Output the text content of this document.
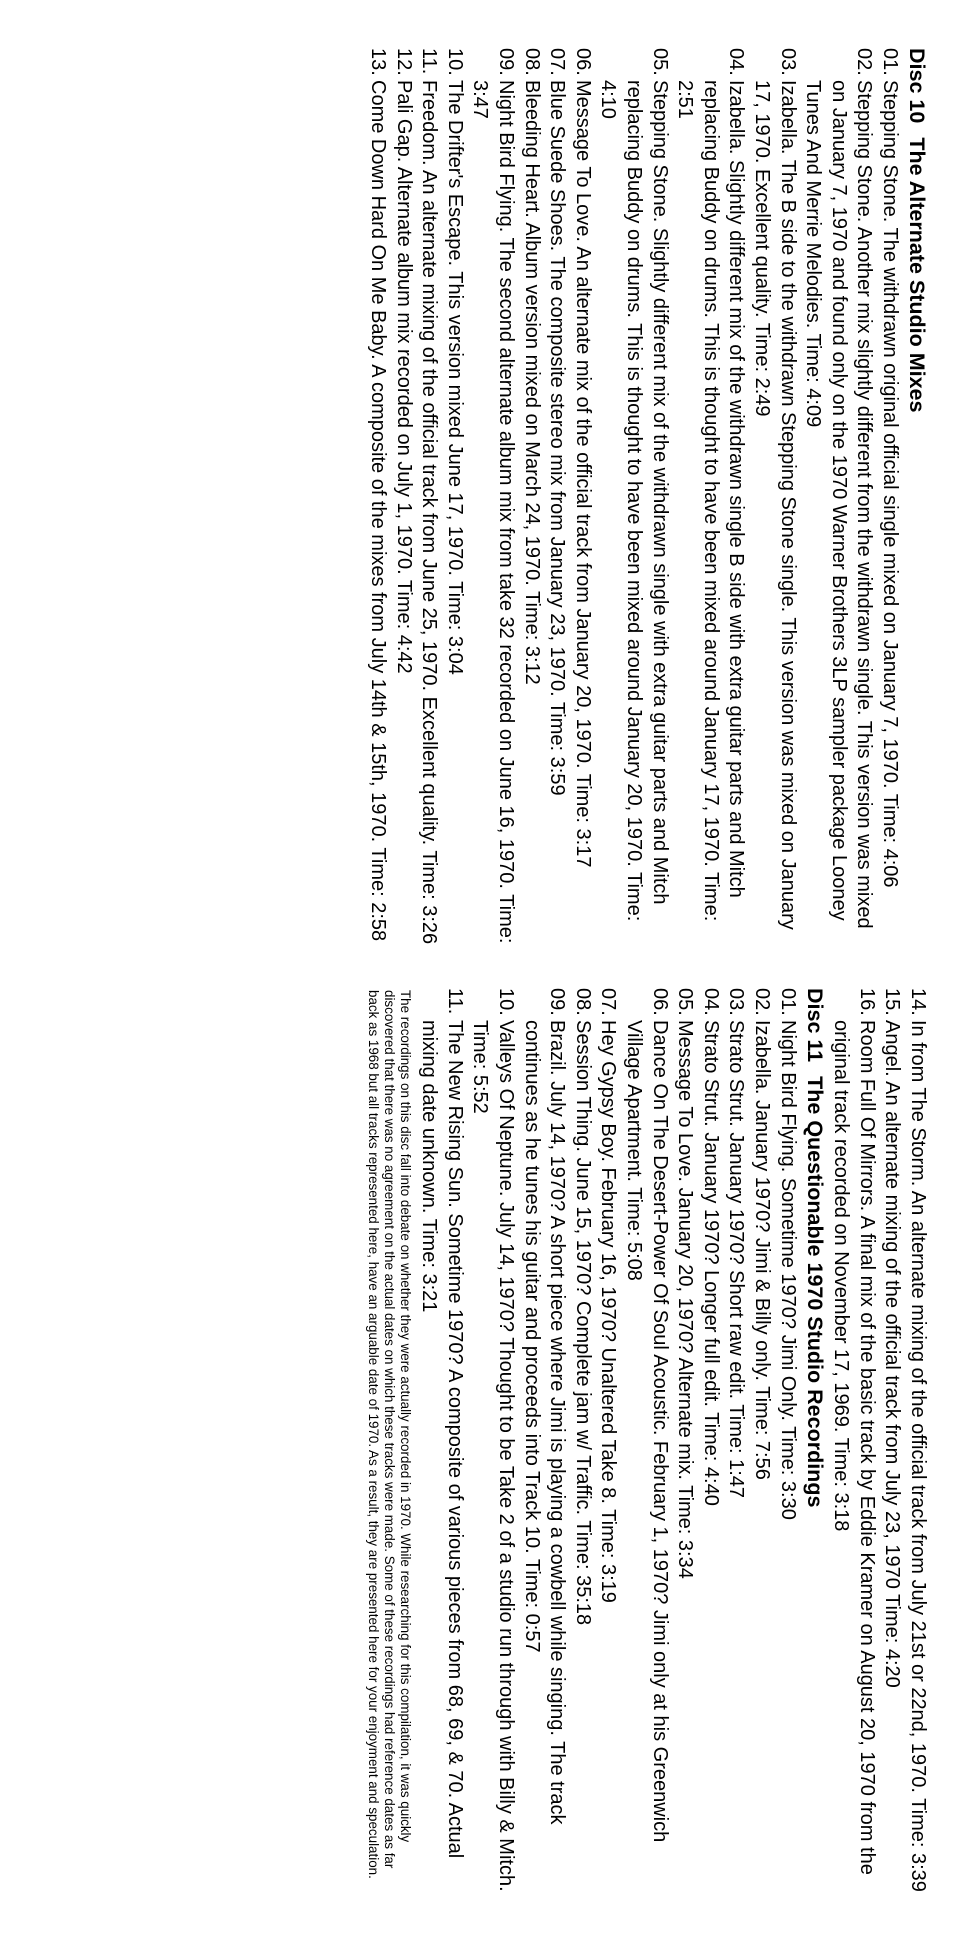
Disc 10The Alternate Studio Mixes
01.
Stepping Stone. The withdrawn original official single mixed on January 7, 1970. Time: 4:06
02.
Stepping Stone. Another mix slightly different from the withdrawn single. This version was mixed on January 7, 1970 and found only on the 1970 Warner Brothers 3LP sampler package Looney Tunes And Merrie Melodies. Time: 4:09
03.
Izabella. The B side to the withdrawn Stepping Stone single. This version was mixed on January 17, 1970. Excellent quality. Time: 2:49
04.
Izabella. Slightly different mix of the withdrawn single B side with extra guitar parts and Mitch replacing Buddy on drums. This is thought to have been mixed around January 17, 1970. Time: 2:51
05.
Stepping Stone. Slightly different mix of the withdrawn single with extra guitar parts and Mitch replacing Buddy on drums. This is thought to have been mixed around January 20, 1970. Time: 4:10
06.
Message To Love. An alternate mix of the official track from January 20, 1970. Time: 3:17
07.
Blue Suede Shoes. The composite stereo mix from January 23, 1970. Time: 3:59
08.
Bleeding Heart. Album version mixed on March 24, 1970. Time: 3:12
09.
Night Bird Flying. The second alternate album mix from take 32 recorded on June 16, 1970. Time: 3:47
10.
The Drifter's Escape. This version mixed June 17, 1970. Time: 3:04
11.
Freedom. An alternate mixing of the official track from June 25, 1970. Excellent quality. Time: 3:26
12.
Pali Gap. Alternate album mix recorded on July 1, 1970. Time: 4:42
13.
Come Down Hard On Me Baby. A composite of the mixes from July 14th & 15th, 1970. Time: 2:58
14.
In from The Storm. An alternate mixing of the official track from July 21st or 22nd, 1970. Time: 3:39
15.
Angel. An alternate mixing of the official track from July 23, 1970 Time: 4:20
16.
Room Full Of Mirrors. A final mix of the basic track by Eddie Kramer on August 20, 1970 from the original track recorded on November 17, 1969. Time: 3:18
Disc 11The Questionable 1970 Studio Recordings
01.
Night Bird Flying. Sometime 1970? Jimi Only. Time: 3:30
02.
Izabella. January 1970? Jimi & Billy only. Time: 7:56
03.
Strato Strut. January 1970? Short raw edit. Time: 1:47
04.
Strato Strut. January 1970? Longer full edit. Time: 4:40
05.
Message To Love. January 20, 1970? Alternate mix. Time: 3:34
06.
Dance On The Desert-Power Of Soul Acoustic. February 1, 1970? Jimi only at his Greenwich Village Apartment. Time: 5:08
07.
Hey Gypsy Boy. February 16, 1970? Unaltered Take 8. Time: 3:19
08.
Session Thing. June 15, 1970? Complete jam w/ Traffic. Time: 35:18
09.
Brazil. July 14, 1970? A short piece where Jimi is playing a cowbell while singing. The track continues as he tunes his guitar and proceeds into Track 10. Time: 0:57
10.
Valleys Of Neptune. July 14, 1970? Thought to be Take 2 of a studio run through with Billy & Mitch. Time: 5:52
11.
The New Rising Sun. Sometime 1970? A composite of various pieces from 68, 69, & 70. Actual mixing date unknown. Time: 3:21
The recordings on this disc fall into debate on whether they were actually recorded in 1970. While researching for this compilation, it was quickly discovered that there was no agreement on the actual dates on which these tracks were made. Some of these recordings had reference dates as far back as 1968 but all tracks represented here, have an arguable date of 1970. As a result, they are presented here for your enjoyment and speculation.
